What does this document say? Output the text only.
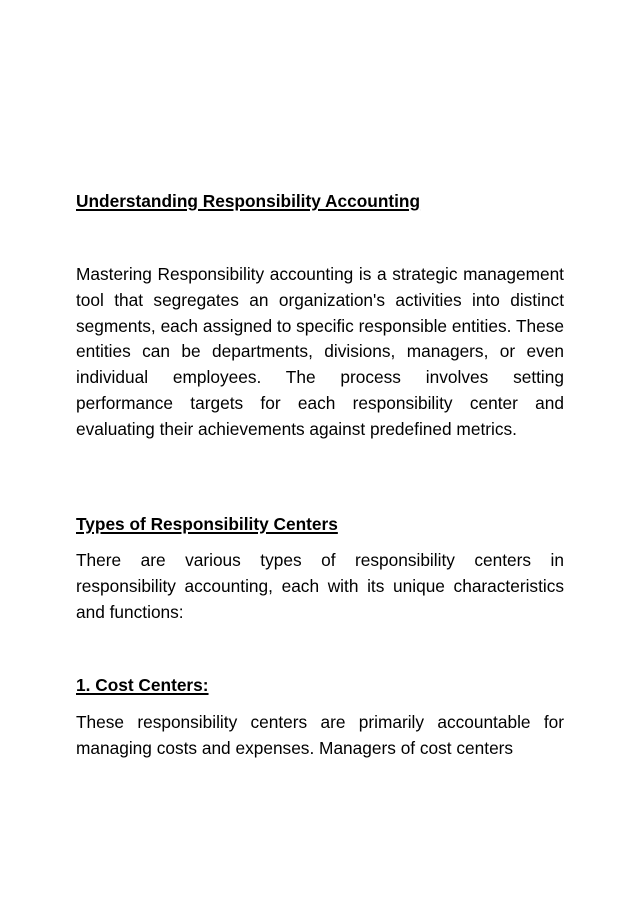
Understanding Responsibility Accounting

Mastering Responsibility accounting is a strategic management tool that segregates an organization's activities into distinct segments, each assigned to specific responsible entities. These entities can be departments, divisions, managers, or even individual employees. The process involves setting performance targets for each responsibility center and evaluating their achievements against predefined metrics.

Types of Responsibility Centers

There are various types of responsibility centers in responsibility accounting, each with its unique characteristics and functions:

1. Cost Centers:

These responsibility centers are primarily accountable for managing costs and expenses. Managers of cost centers
